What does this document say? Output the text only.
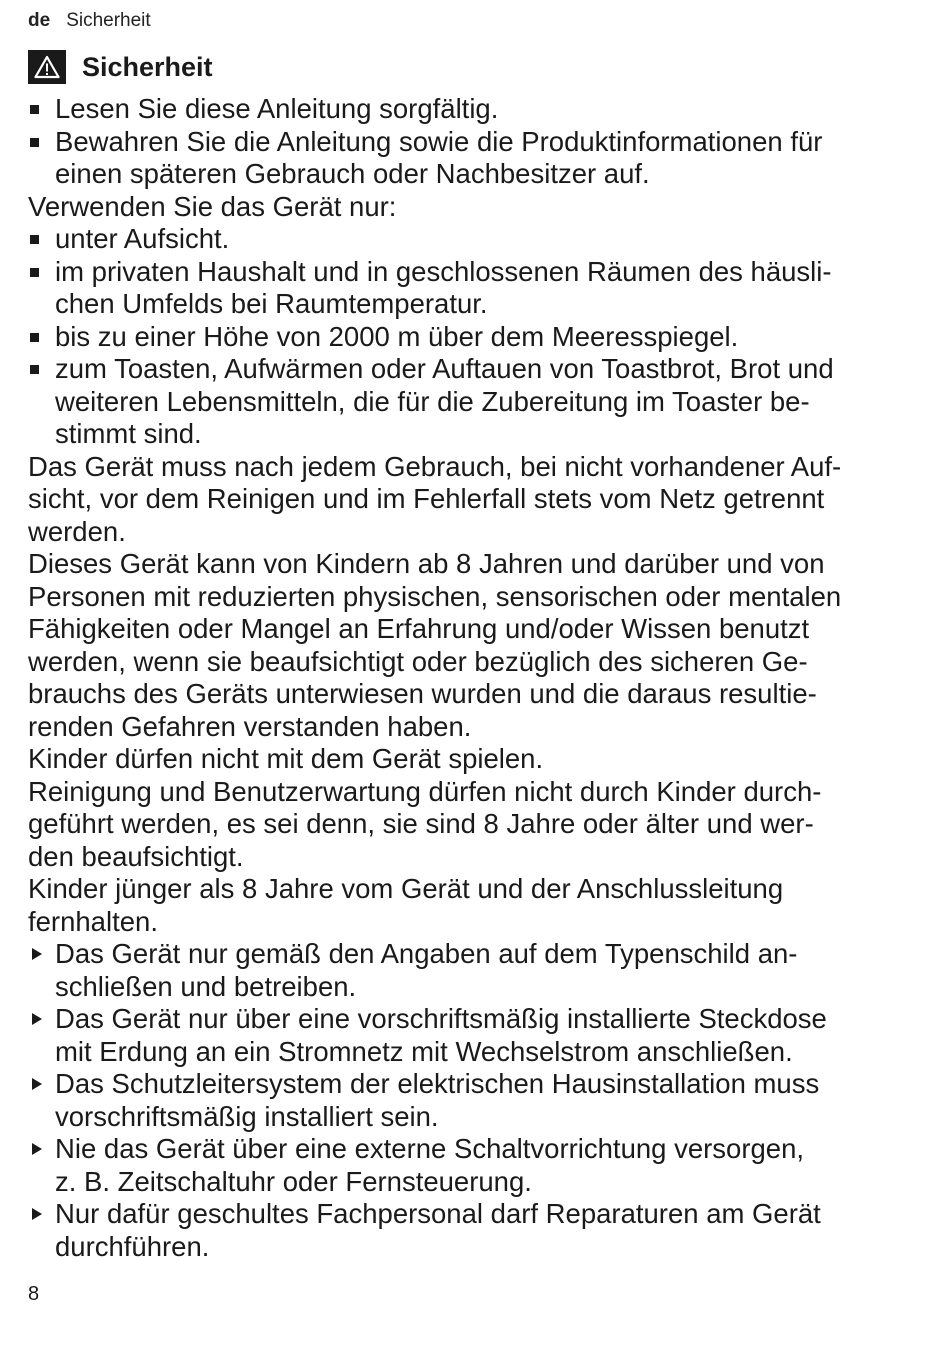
de Sicherheit
Sicherheit
Lesen Sie diese Anleitung sorgfältig.
Bewahren Sie die Anleitung sowie die Produktinformationen für
einen späteren Gebrauch oder Nachbesitzer auf.

Verwenden Sie das Gerät nur:

unter Aufsicht.
im privaten Haushalt und in geschlossenen Räumen des häusli-
chen Umfelds bei Raumtemperatur.
bis zu einer Höhe von 2000 m über dem Meeresspiegel.
zum Toasten, Aufwärmen oder Auftauen von Toastbrot, Brot und
weiteren Lebensmitteln, die für die Zubereitung im Toaster be-
stimmt sind.

Das Gerät muss nach jedem Gebrauch, bei nicht vorhandener Auf-
sicht, vor dem Reinigen und im Fehlerfall stets vom Netz getrennt
werden.

Dieses Gerät kann von Kindern ab 8 Jahren und darüber und von
Personen mit reduzierten physischen, sensorischen oder mentalen
Fähigkeiten oder Mangel an Erfahrung und/oder Wissen benutzt
werden, wenn sie beaufsichtigt oder bezüglich des sicheren Ge-
brauchs des Geräts unterwiesen wurden und die daraus resultie-
renden Gefahren verstanden haben.

Kinder dürfen nicht mit dem Gerät spielen.

Reinigung und Benutzerwartung dürfen nicht durch Kinder durch-
geführt werden, es sei denn, sie sind 8 Jahre oder älter und wer-
den beaufsichtigt.

Kinder jünger als 8 Jahre vom Gerät und der Anschlussleitung
fernhalten.

Das Gerät nur gemäß den Angaben auf dem Typenschild an-
schließen und betreiben.
Das Gerät nur über eine vorschriftsmäßig installierte Steckdose
mit Erdung an ein Stromnetz mit Wechselstrom anschließen.
Das Schutzleitersystem der elektrischen Hausinstallation muss
vorschriftsmäßig installiert sein.
Nie das Gerät über eine externe Schaltvorrichtung versorgen,
z. B. Zeitschaltuhr oder Fernsteuerung.
Nur dafür geschultes Fachpersonal darf Reparaturen am Gerät
durchführen.
8
